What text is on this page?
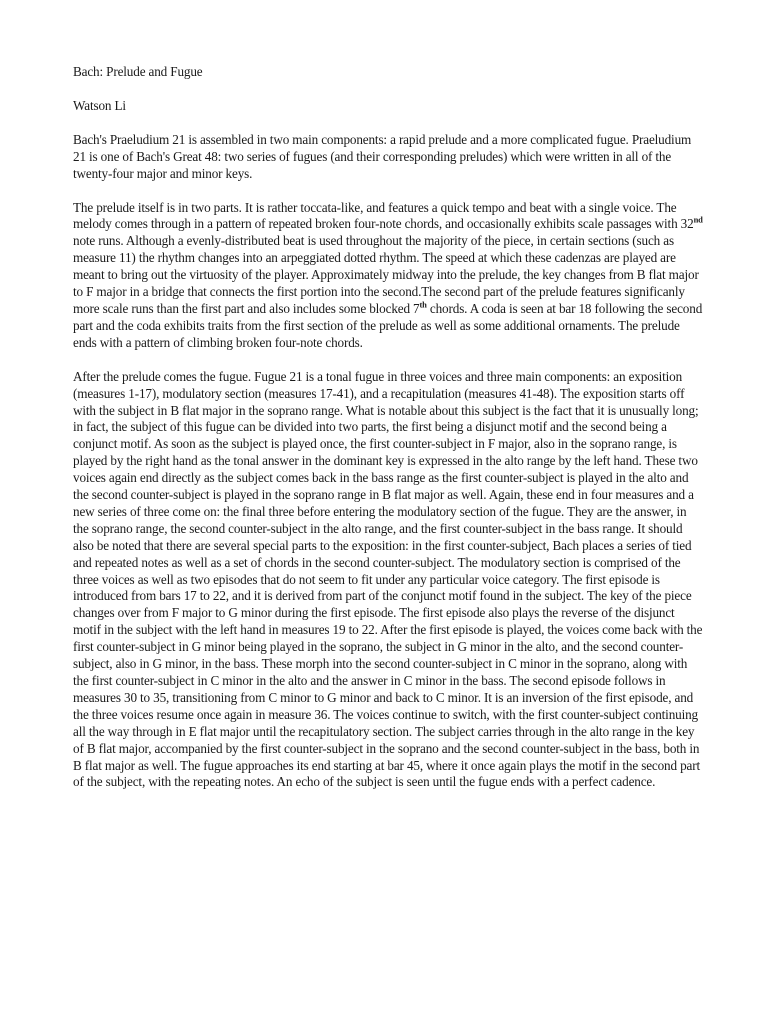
Bach: Prelude and Fugue

Watson Li

Bach's Praeludium 21 is assembled in two main components: a rapid prelude and a more complicated fugue. Praeludium 21 is one of Bach's Great 48: two series of fugues (and their corresponding preludes) which were written in all of the twenty-four major and minor keys.

The prelude itself is in two parts. It is rather toccata-like, and features a quick tempo and beat with a single voice. The melody comes through in a pattern of repeated broken four-note chords, and occasionally exhibits scale passages with 32nd note runs. Although a evenly-distributed beat is used throughout the majority of the piece, in certain sections (such as measure 11) the rhythm changes into an arpeggiated dotted rhythm. The speed at which these cadenzas are played are meant to bring out the virtuosity of the player. Approximately midway into the prelude, the key changes from B flat major to F major in a bridge that connects the first portion into the second.The second part of the prelude features significanly more scale runs than the first part and also includes some blocked 7th chords. A coda is seen at bar 18 following the second part and the coda exhibits traits from the first section of the prelude as well as some additional ornaments. The prelude ends with a pattern of climbing broken four-note chords.

After the prelude comes the fugue. Fugue 21 is a tonal fugue in three voices and three main components: an exposition (measures 1-17), modulatory section (measures 17-41), and a recapitulation (measures 41-48). The exposition starts off with the subject in B flat major in the soprano range. What is notable about this subject is the fact that it is unusually long; in fact, the subject of this fugue can be divided into two parts, the first being a disjunct motif and the second being a conjunct motif. As soon as the subject is played once, the first counter-subject in F major, also in the soprano range, is played by the right hand as the tonal answer in the dominant key is expressed in the alto range by the left hand. These two voices again end directly as the subject comes back in the bass range as the first counter-subject is played in the alto and the second counter-subject is played in the soprano range in B flat major as well. Again, these end in four measures and a new series of three come on: the final three before entering the modulatory section of the fugue. They are the answer, in the soprano range, the second counter-subject in the alto range, and the first counter-subject in the bass range. It should also be noted that there are several special parts to the exposition: in the first counter-subject, Bach places a series of tied and repeated notes as well as a set of chords in the second counter-subject. The modulatory section is comprised of the three voices as well as two episodes that do not seem to fit under any particular voice category. The first episode is introduced from bars 17 to 22, and it is derived from part of the conjunct motif found in the subject. The key of the piece changes over from F major to G minor during the first episode. The first episode also plays the reverse of the disjunct motif in the subject with the left hand in measures 19 to 22. After the first episode is played, the voices come back with the first counter-subject in G minor being played in the soprano, the subject in G minor in the alto, and the second counter-subject, also in G minor, in the bass. These morph into the second counter-subject in C minor in the soprano, along with the first counter-subject in C minor in the alto and the answer in C minor in the bass. The second episode follows in measures 30 to 35, transitioning from C minor to G minor and back to C minor. It is an inversion of the first episode, and the three voices resume once again in measure 36. The voices continue to switch, with the first counter-subject continuing all the way through in E flat major until the recapitulatory section. The subject carries through in the alto range in the key of B flat major, accompanied by the first counter-subject in the soprano and the second counter-subject in the bass, both in B flat major as well. The fugue approaches its end starting at bar 45, where it once again plays the motif in the second part of the subject, with the repeating notes. An echo of the subject is seen until the fugue ends with a perfect cadence.
